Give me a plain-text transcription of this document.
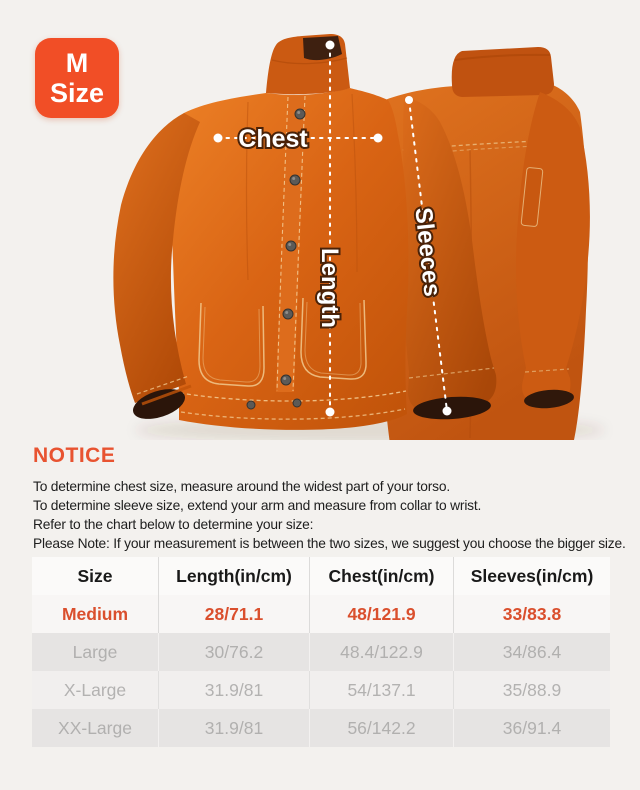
Chest
Length	Sleeces
M
Size
NOTICE
To determine chest size, measure around the widest part of your torso.
To determine sleeve size, extend your arm and measure from collar to wrist.
Refer to the chart below to determine your size:
Please Note: If your measurement is between the two sizes, we suggest you choose the bigger size.
Size	Length(in/cm)	Chest(in/cm)	Sleeves(in/cm)
Medium	28/71.1	48/121.9	33/83.8
Large	30/76.2	48.4/122.9	34/86.4
X-Large	31.9/81	54/137.1	35/88.9
XX-Large	31.9/81	56/142.2	36/91.4
